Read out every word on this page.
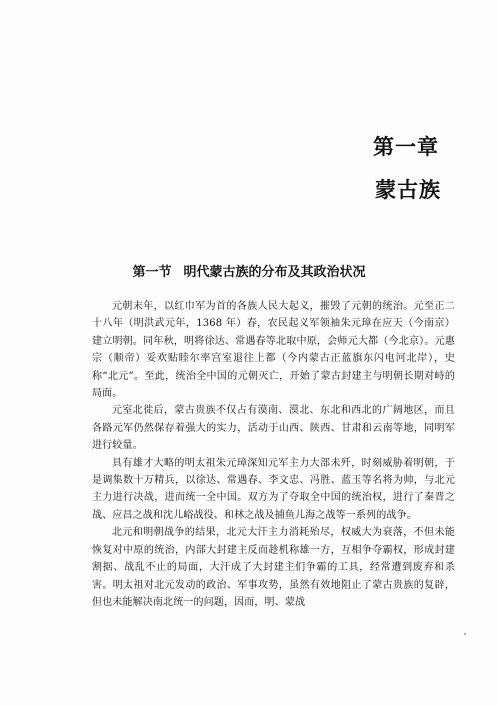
第一章
蒙古族
第一节 明代蒙古族的分布及其政治状况

元朝末年，以红巾军为首的各族人民大起义，摧毁了元朝的统治。元至正二十八年（明洪武元年，1368 年）春，农民起义军领袖朱元璋在应天（今南京）建立明朝。同年秋，明将徐达、常遇春等北取中原，会师元大都（今北京）。元惠宗（顺帝）妥欢贴睦尔率宫室退往上都（今内蒙古正蓝旗东闪电河北岸），史称“北元”。至此，统治全中国的元朝灭亡，开始了蒙古封建主与明朝长期对峙的局面。

元室北徙后，蒙古贵族不仅占有漠南、漠北、东北和西北的广阔地区，而且各路元军仍然保存着强大的实力，活动于山西、陕西、甘肃和云南等地，同明军进行较量。

具有雄才大略的明太祖朱元璋深知元军主力大部未歼，时刻威胁着明朝，于是调集数十万精兵，以徐达、常遇春、李文忠、冯胜、蓝玉等名将为帅，与北元主力进行决战，进而统一全中国。双方为了夺取全中国的统治权，进行了秦晋之战、应昌之战和沈儿峪战役、和林之战及捕鱼儿海之战等一系列的战争。

北元和明朝战争的结果，北元大汗主力消耗殆尽，权威大为衰落，不但未能恢复对中原的统治，内部大封建主反而趁机称雄一方，互相争夺霸权，形成封建割据、战乱不止的局面，大汗成了大封建主们争霸的工具，经常遭到废弃和杀害。明太祖对北元发动的政治、军事攻势，虽然有效地阻止了蒙古贵族的复辟，但也未能解决南北统一的问题，因而，明、蒙战
